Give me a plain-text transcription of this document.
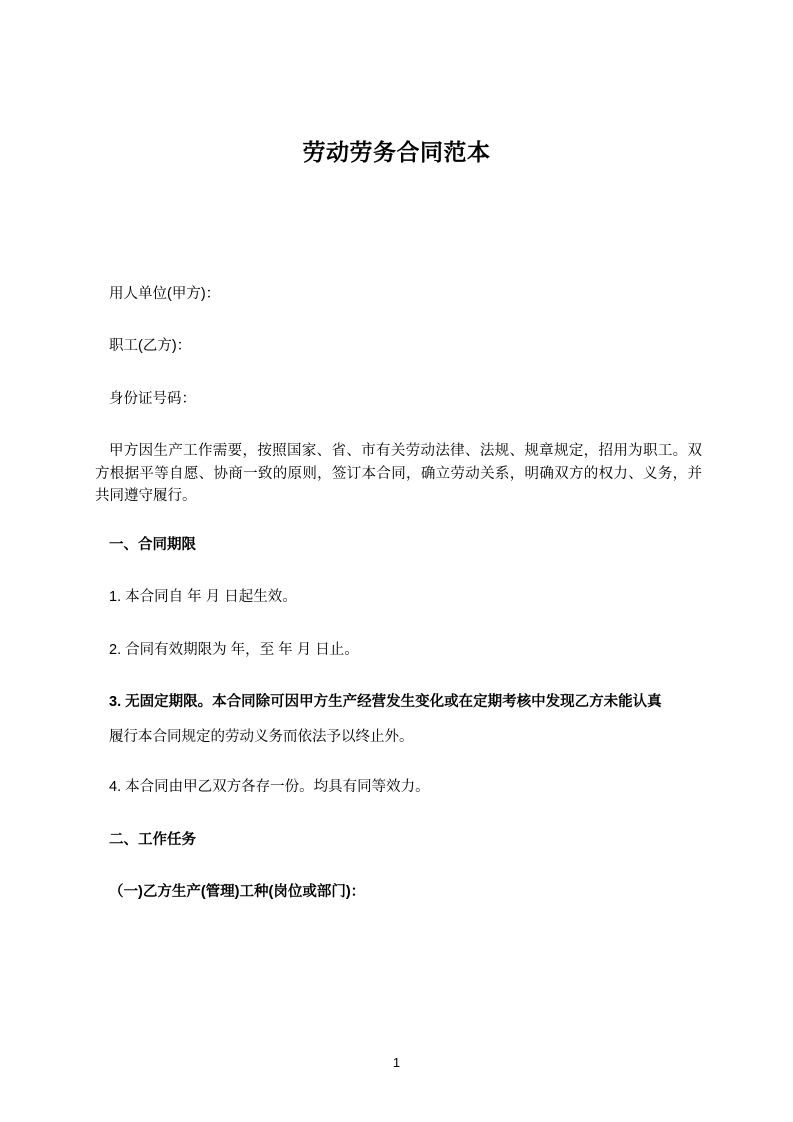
劳动劳务合同范本

用人单位(甲方)：

职工(乙方)：

身份证号码：

甲方因生产工作需要，按照国家、省、市有关劳动法律、法规、规章规定，招用为职工。双方根据平等自愿、协商一致的原则，签订本合同，确立劳动关系，明确双方的权力、义务，并共同遵守履行。

一、合同期限

1. 本合同自 年 月 日起生效。

2. 合同有效期限为 年，至 年 月 日止。

3. 无固定期限。本合同除可因甲方生产经营发生变化或在定期考核中发现乙方未能认真

履行本合同规定的劳动义务而依法予以终止外。

4. 本合同由甲乙双方各存一份。均具有同等效力。

二、工作任务

（一)乙方生产(管理)工种(岗位或部门)：

1
